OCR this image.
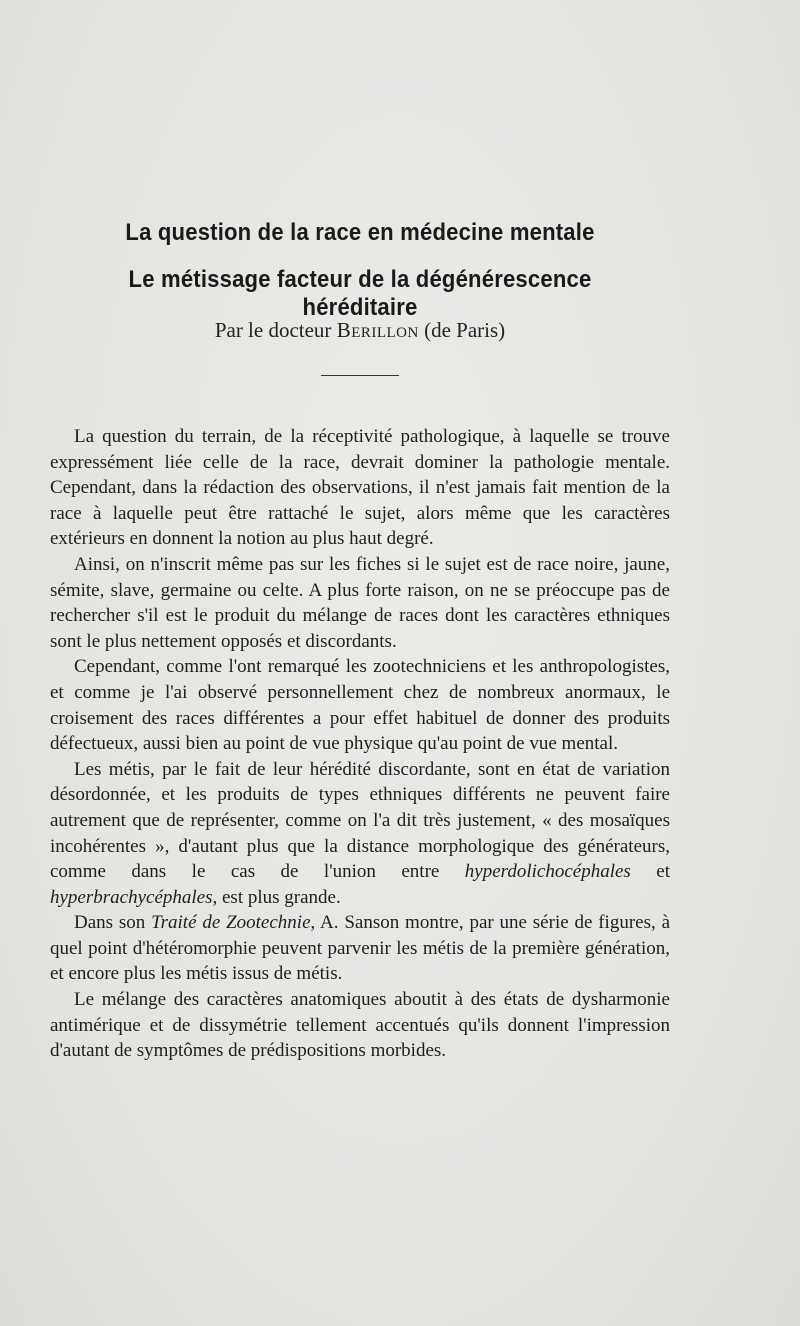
La question de la race en médecine mentale
Le métissage facteur de la dégénérescence héréditaire
Par le docteur Berillon (de Paris)

La question du terrain, de la réceptivité pathologique, à laquelle se trouve expressément liée celle de la race, devrait dominer la pathologie mentale. Cependant, dans la rédaction des observations, il n'est jamais fait mention de la race à laquelle peut être rattaché le sujet, alors même que les caractères extérieurs en donnent la notion au plus haut degré.

Ainsi, on n'inscrit même pas sur les fiches si le sujet est de race noire, jaune, sémite, slave, germaine ou celte. A plus forte raison, on ne se préoccupe pas de rechercher s'il est le produit du mélange de races dont les caractères ethniques sont le plus nettement opposés et discordants.

Cependant, comme l'ont remarqué les zootechniciens et les anthropologistes, et comme je l'ai observé personnellement chez de nombreux anormaux, le croisement des races différentes a pour effet habituel de donner des produits défectueux, aussi bien au point de vue physique qu'au point de vue mental.

Les métis, par le fait de leur hérédité discordante, sont en état de variation désordonnée, et les produits de types ethniques différents ne peuvent faire autrement que de représenter, comme on l'a dit très justement, « des mosaïques incohérentes », d'autant plus que la distance morphologique des générateurs, comme dans le cas de l'union entre hyperdolichocéphales et hyperbrachycéphales, est plus grande.

Dans son Traité de Zootechnie, A. Sanson montre, par une série de figures, à quel point d'hétéromorphie peuvent parvenir les métis de la première génération, et encore plus les métis issus de métis.

Le mélange des caractères anatomiques aboutit à des états de dysharmonie antimérique et de dissymétrie tellement accentués qu'ils donnent l'impression d'autant de symptômes de prédispositions morbides.
